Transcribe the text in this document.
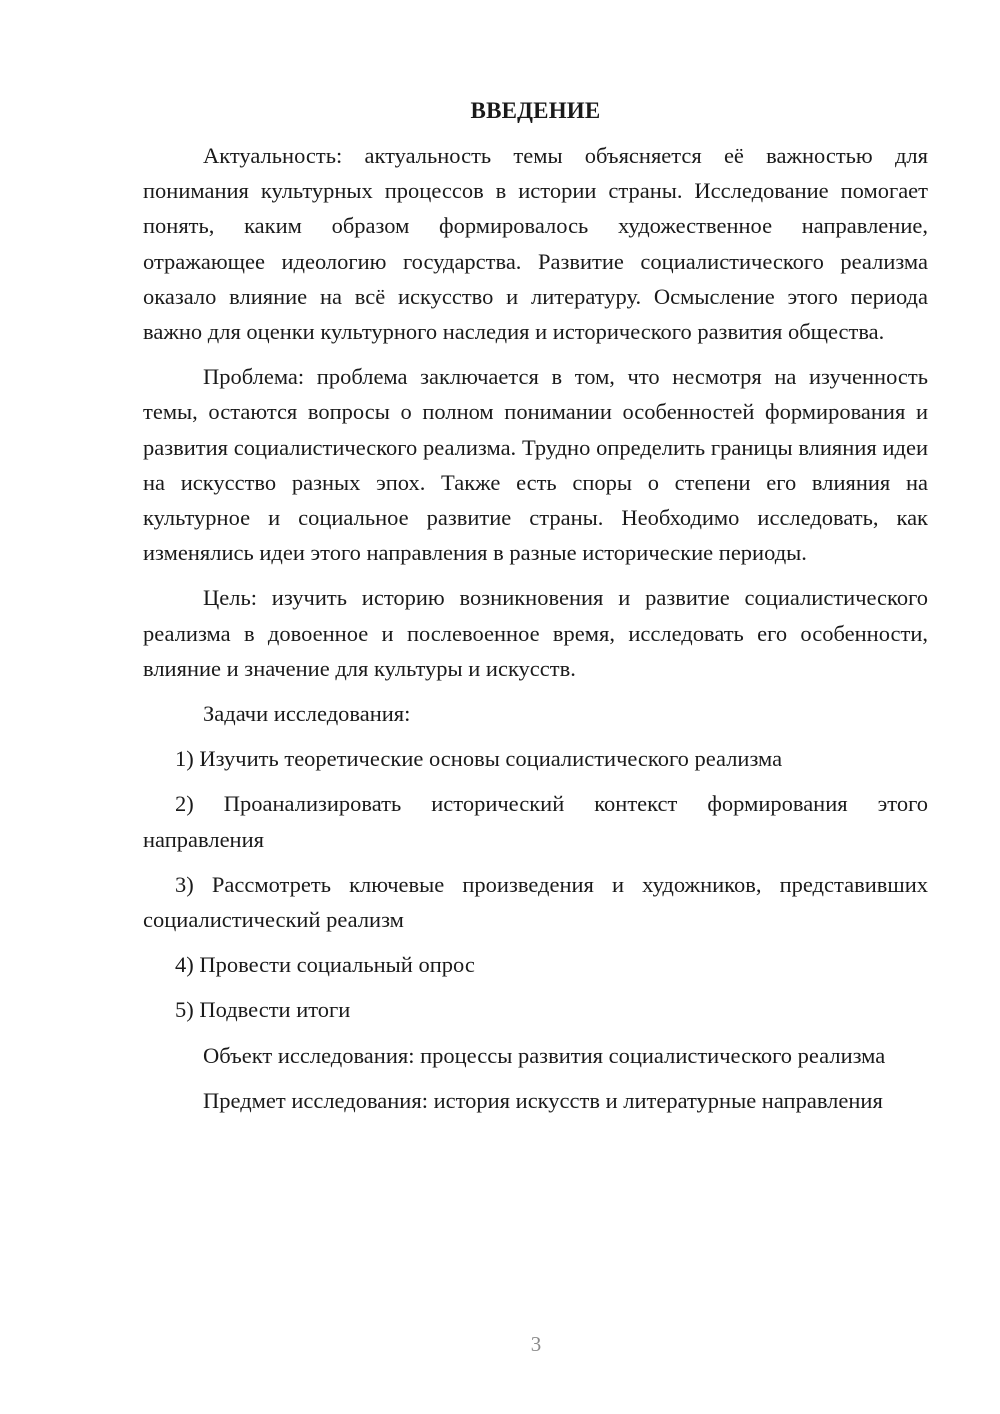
ВВЕДЕНИЕ

Актуальность: актуальность темы объясняется её важностью для понимания культурных процессов в истории страны. Исследование помогает понять, каким образом формировалось художественное направление, отражающее идеологию государства. Развитие социалистического реализма оказало влияние на всё искусство и литературу. Осмысление этого периода важно для оценки культурного наследия и исторического развития общества.

Проблема: проблема заключается в том, что несмотря на изученность темы, остаются вопросы о полном понимании особенностей формирования и развития социалистического реализма. Трудно определить границы влияния идеи на искусство разных эпох. Также есть споры о степени его влияния на культурное и социальное развитие страны. Необходимо исследовать, как изменялись идеи этого направления в разные исторические периоды.

Цель: изучить историю возникновения и развитие социалистического реализма в довоенное и послевоенное время, исследовать его особенности, влияние и значение для культуры и искусств.

Задачи исследования:

1) Изучить теоретические основы социалистического реализма

2) Проанализировать исторический контекст формирования этого направления

3) Рассмотреть ключевые произведения и художников, представивших социалистический реализм

4) Провести социальный опрос

5) Подвести итоги

Объект исследования: процессы развития социалистического реализма

Предмет исследования: история искусств и литературные направления

3
